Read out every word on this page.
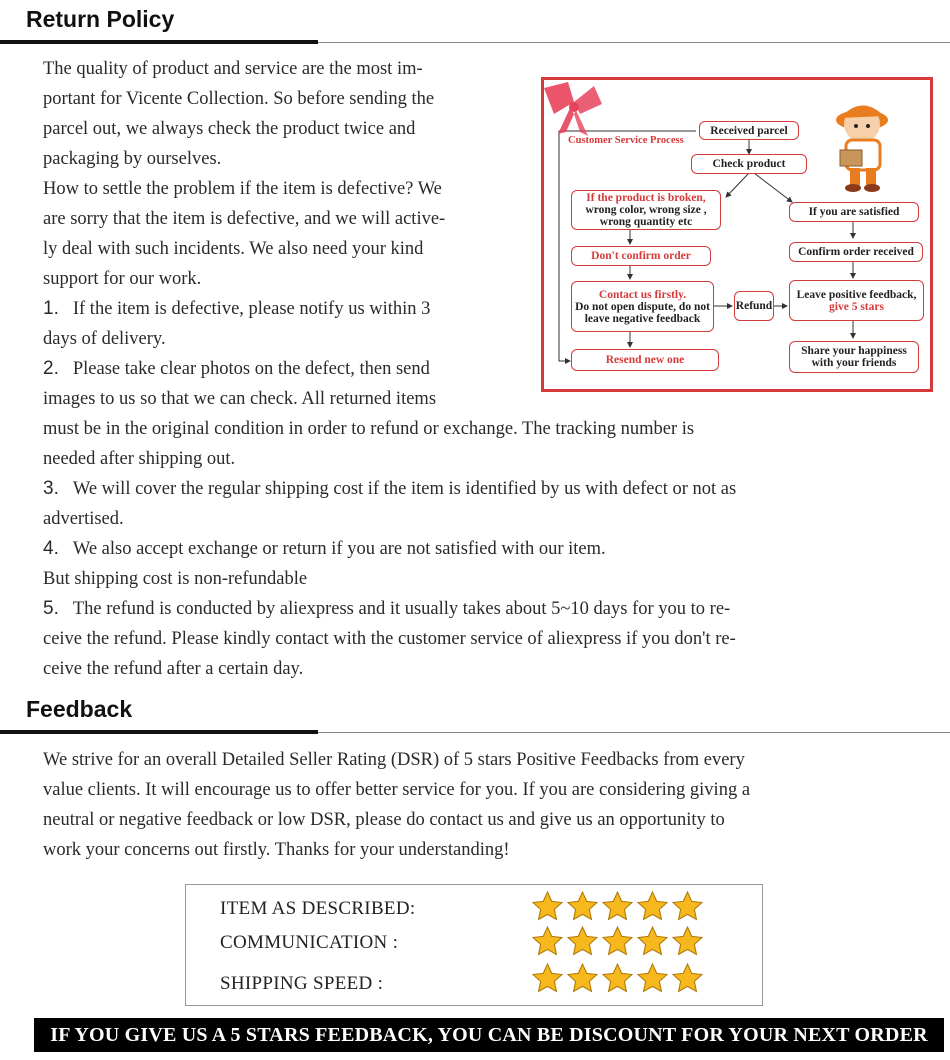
Return Policy
The quality of product and service are the most im-
portant for Vicente Collection. So before sending the
parcel out, we always check the product twice and
packaging by ourselves.
How to settle the problem if the item is defective? We
are sorry that the item is defective, and we will active-
ly deal with such incidents. We also need your kind
support for our work.
1. If the item is defective, please notify us within 3
days of delivery.
2. Please take clear photos on the defect, then send
images to us so that we can check. All returned items
must be in the original condition in order to refund or exchange. The tracking number is
needed after shipping out.
3. We will cover the regular shipping cost if the item is identified by us with defect or not as
advertised.
4. We also accept exchange or return if you are not satisfied with our item.
But shipping cost is non-refundable
5. The refund is conducted by aliexpress and it usually takes about 5~10 days for you to re-
ceive the refund. Please kindly contact with the customer service of aliexpress if you don't re-
ceive the refund after a certain day.
Customer Service Process
Received parcel
Check product
If the product is broken,
wrong color, wrong size ,
wrong quantity etc
If you are satisfied
Don't confirm order	Confirm order received
Contact us firstly.
Do not open dispute, do not
leave negative feedback
Refund
Leave positive feedback,
give 5 stars
Resend new one
Share your happiness
with your friends
Feedback
We strive for an overall Detailed Seller Rating (DSR) of 5 stars Positive Feedbacks from every
value clients. It will encourage us to offer better service for you. If you are considering giving a
neutral or negative feedback or low DSR, please do contact us and give us an opportunity to
work your concerns out firstly. Thanks for your understanding!
ITEM AS DESCRIBED:
COMMUNICATION :
SHIPPING SPEED :
IF YOU GIVE US A 5 STARS FEEDBACK, YOU CAN BE DISCOUNT FOR YOUR NEXT ORDER
